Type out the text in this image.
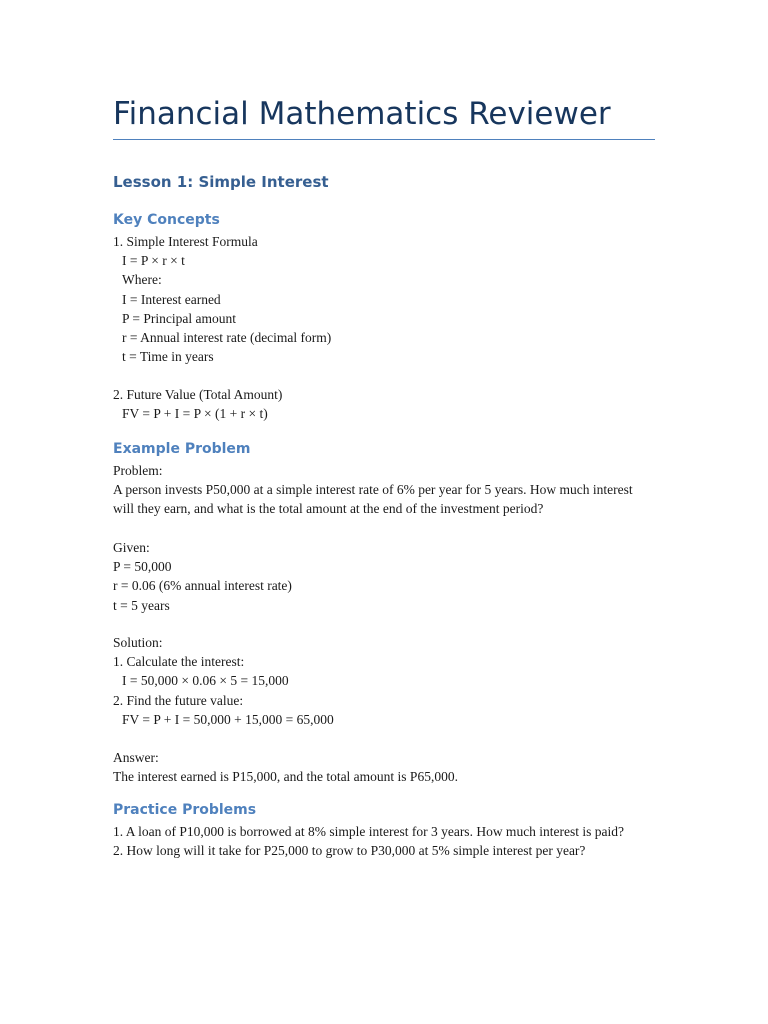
Financial Mathematics Reviewer
Lesson 1: Simple Interest
Key Concepts
1. Simple Interest Formula
I = P × r × t
Where:
I = Interest earned
P = Principal amount
r = Annual interest rate (decimal form)
t = Time in years
2. Future Value (Total Amount)
FV = P + I = P × (1 + r × t)
Example Problem
Problem:
A person invests P50,000 at a simple interest rate of 6% per year for 5 years. How much interest will they earn, and what is the total amount at the end of the investment period?
Given:
P = 50,000
r = 0.06 (6% annual interest rate)
t = 5 years
Solution:
1. Calculate the interest:
I = 50,000 × 0.06 × 5 = 15,000
2. Find the future value:
FV = P + I = 50,000 + 15,000 = 65,000
Answer:
The interest earned is P15,000, and the total amount is P65,000.
Practice Problems
1. A loan of P10,000 is borrowed at 8% simple interest for 3 years. How much interest is paid?
2. How long will it take for P25,000 to grow to P30,000 at 5% simple interest per year?
